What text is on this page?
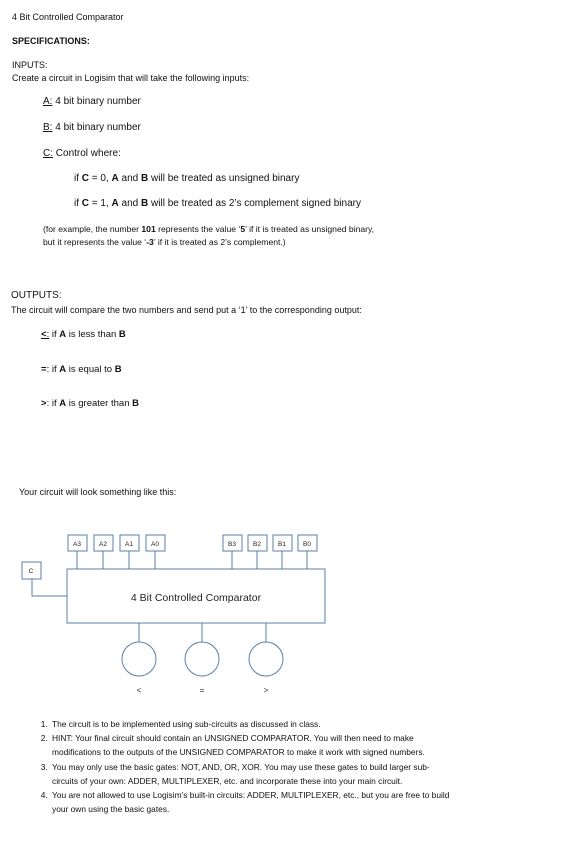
4 Bit Controlled Comparator
SPECIFICATIONS:
INPUTS:
Create a circuit in Logisim that will take the following inputs:
A: 4 bit binary number
B: 4 bit binary number
C: Control where:
if C = 0, A and B will be treated as unsigned binary
if C = 1, A and B will be treated as 2’s complement signed binary
(for example, the number 101 represents the value ‘5’ if it is treated as unsigned binary,
but it represents the value ‘-3’ if it is treated as 2’s complement.)
OUTPUTS:
The circuit will compare the two numbers and send put a ‘1’ to the corresponding output:
<: if A is less than B
=: if A is equal to B
>: if A is greater than B
Your circuit will look something like this:
A3	A2	A1	A0	B3	B2	B1	B0
C
4 Bit Controlled Comparator
<	=	>
1. The circuit is to be implemented using sub-circuits as discussed in class.
2. HINT: Your final circuit should contain an UNSIGNED COMPARATOR. You will then need to make modifications to the outputs of the UNSIGNED COMPARATOR to make it work with signed numbers.
3. You may only use the basic gates: NOT, AND, OR, XOR. You may use these gates to build larger sub-circuits of your own: ADDER, MULTIPLEXER, etc. and incorporate these into your main circuit.
4. You are not allowed to use Logisim’s built-in circuits: ADDER, MULTIPLEXER, etc., but you are free to build your own using the basic gates.
